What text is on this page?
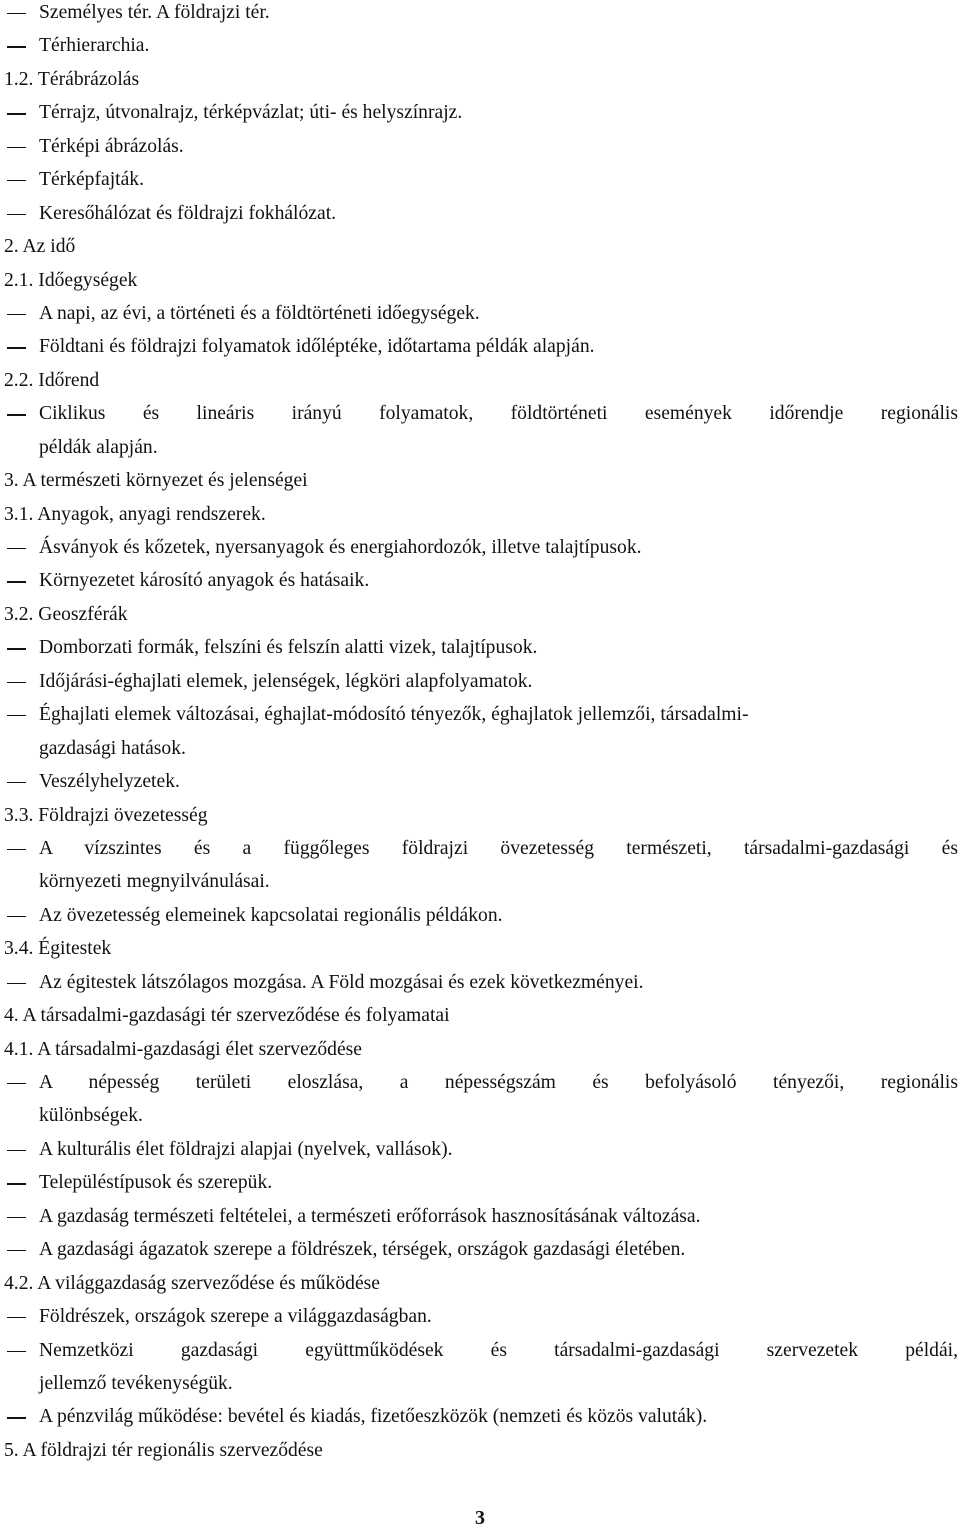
Személyes tér. A földrajzi tér.
Térhierarchia.
1.2. Térábrázolás
Térrajz, útvonalrajz, térképvázlat; úti- és helyszínrajz.
Térképi ábrázolás.
Térképfajták.
Keresőhálózat és földrajzi fokhálózat.
2. Az idő
2.1. Időegységek
A napi, az évi, a történeti és a földtörténeti időegységek.
Földtani és földrajzi folyamatok időléptéke, időtartama példák alapján.
2.2. Időrend
Ciklikus és lineáris irányú folyamatok, földtörténeti események időrendje regionális
példák alapján.
3. A természeti környezet és jelenségei
3.1. Anyagok, anyagi rendszerek.
Ásványok és kőzetek, nyersanyagok és energiahordozók, illetve talajtípusok.
Környezetet károsító anyagok és hatásaik.
3.2. Geoszférák
Domborzati formák, felszíni és felszín alatti vizek, talajtípusok.
Időjárási-éghajlati elemek, jelenségek, légköri alapfolyamatok.
Éghajlati elemek változásai, éghajlat-módosító tényezők, éghajlatok jellemzői, társadalmi-
gazdasági hatások.
Veszélyhelyzetek.
3.3. Földrajzi övezetesség
A vízszintes és a függőleges földrajzi övezetesség természeti, társadalmi-gazdasági és
környezeti megnyilvánulásai.
Az övezetesség elemeinek kapcsolatai regionális példákon.
3.4. Égitestek
Az égitestek látszólagos mozgása. A Föld mozgásai és ezek következményei.
4. A társadalmi-gazdasági tér szerveződése és folyamatai
4.1. A társadalmi-gazdasági élet szerveződése
A népesség területi eloszlása, a népességszám és befolyásoló tényezői, regionális
különbségek.
A kulturális élet földrajzi alapjai (nyelvek, vallások).
Településtípusok és szerepük.
A gazdaság természeti feltételei, a természeti erőforrások hasznosításának változása.
A gazdasági ágazatok szerepe a földrészek, térségek, országok gazdasági életében.
4.2. A világgazdaság szerveződése és működése
Földrészek, országok szerepe a világgazdaságban.
Nemzetközi gazdasági együttműködések és társadalmi-gazdasági szervezetek példái,
jellemző tevékenységük.
A pénzvilág működése: bevétel és kiadás, fizetőeszközök (nemzeti és közös valuták).
5. A földrajzi tér regionális szerveződése
3
